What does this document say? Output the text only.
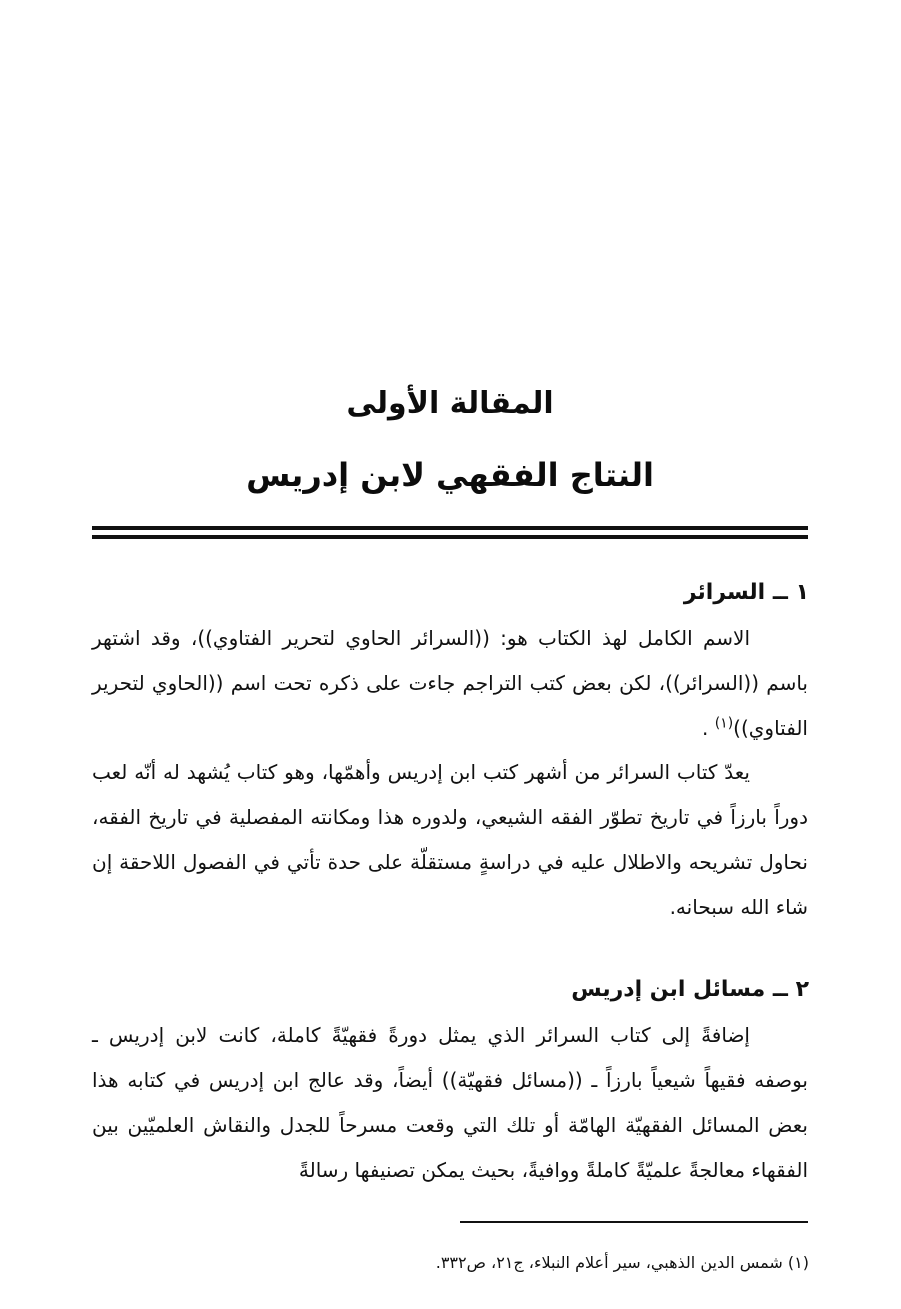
المقالة الأولى
النتاج الفقهي لابن إدريس
١ ــ السرائر

الاسم الكامل لهذ الكتاب هو: ((السرائر الحاوي لتحرير الفتاوي))، وقد اشتهر باسم ((السرائر))، لكن بعض كتب التراجم جاءت على ذكره تحت اسم ((الحاوي لتحرير الفتاوي))$^{(١)}$ .

يعدّ كتاب السرائر من أشهر كتب ابن إدريس وأهمّها، وهو كتاب يُشهد له أنّه لعب دوراً بارزاً في تاريخ تطوّر الفقه الشيعي، ولدوره هذا ومكانته المفصلية في تاريخ الفقه، نحاول تشريحه والاطلال عليه في دراسةٍ مستقلّة على حدة تأتي في الفصول اللاحقة إن شاء الله سبحانه.

٢ ــ مسائل ابن إدريس

إضافةً إلى كتاب السرائر الذي يمثل دورةً فقهيّةً كاملة، كانت لابن إدريس ـ بوصفه فقيهاً شيعياً بارزاً ـ ((مسائل فقهيّة)) أيضاً، وقد عالج ابن إدريس في كتابه هذا بعض المسائل الفقهيّة الهامّة أو تلك التي وقعت مسرحاً للجدل والنقاش العلميّين بين الفقهاء معالجةً علميّةً كاملةً ووافيةً، بحيث يمكن تصنيفها رسالةً

(١) شمس الدين الذهبي، سير أعلام النبلاء، ج٢١، ص٣٣٢.
